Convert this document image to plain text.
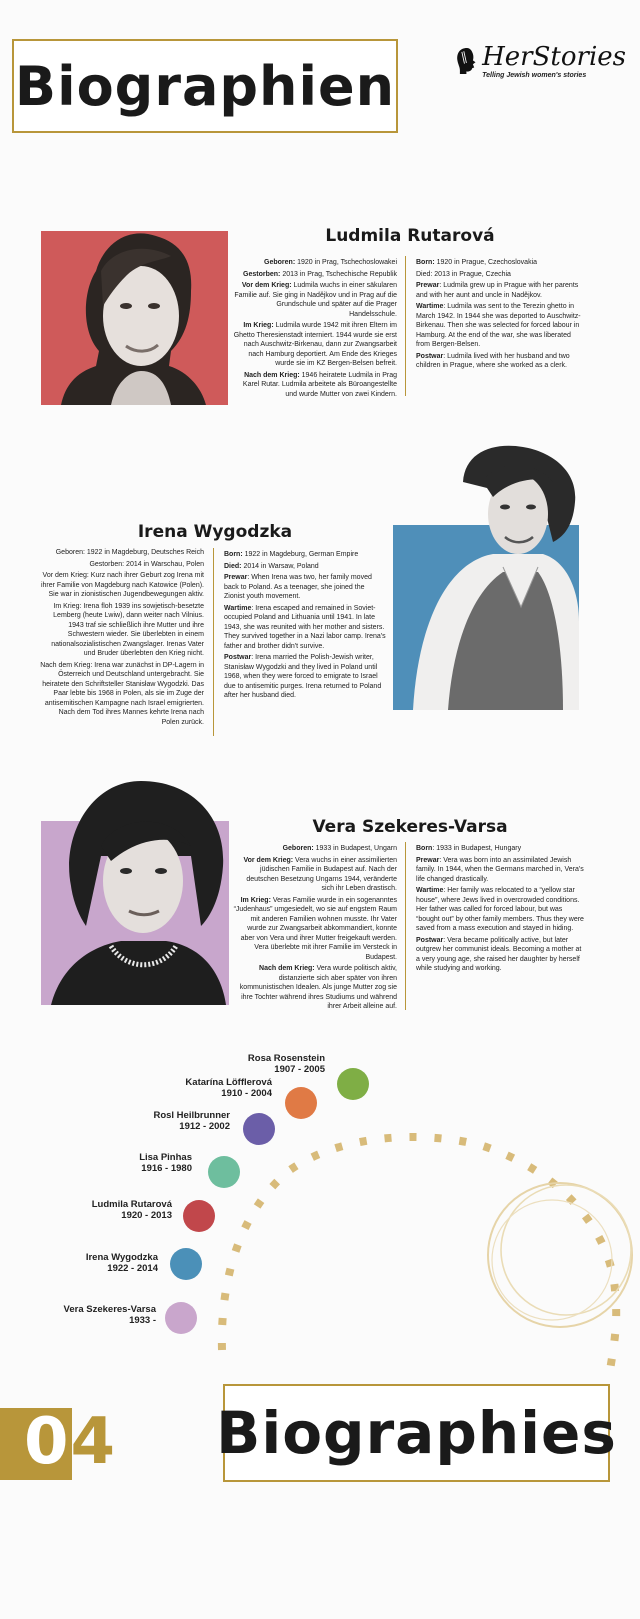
Biographien	HerStories
Telling Jewish women's stories
Ludmila Rutarová

Geboren: 1920 in Prag, Tschechoslowakei

Gestorben: 2013 in Prag, Tschechische Republik

Vor dem Krieg: Ludmila wuchs in einer säkularen Familie auf. Sie ging in Nadějkov und in Prag auf die Grundschule und später auf die Prager Handelsschule.

Im Krieg: Ludmila wurde 1942 mit ihren Eltern im Ghetto Theresienstadt interniert. 1944 wurde sie erst nach Auschwitz-Birkenau, dann zur Zwangsarbeit nach Hamburg deportiert. Am Ende des Krieges wurde sie im KZ Bergen-Belsen befreit.

Nach dem Krieg: 1946 heiratete Ludmila in Prag Karel Rutar. Ludmila arbeitete als Büroangestellte und wurde Mutter von zwei Kindern.

Born: 1920 in Prague, Czechoslovakia

Died: 2013 in Prague, Czechia

Prewar: Ludmila grew up in Prague with her parents and with her aunt and uncle in Nadějkov.

Wartime: Ludmila was sent to the Terezin ghetto in March 1942. In 1944 she was deported to Auschwitz-Birkenau. Then she was selected for forced labour in Hamburg. At the end of the war, she was liberated from Bergen-Belsen.

Postwar: Ludmila lived with her husband and two children in Prague, where she worked as a clerk.

Irena Wygodzka

Geboren: 1922 in Magdeburg, Deutsches Reich

Gestorben: 2014 in Warschau, Polen

Vor dem Krieg: Kurz nach ihrer Geburt zog Irena mit ihrer Familie von Magdeburg nach Katowice (Polen). Sie war in zionistischen Jugendbewegungen aktiv.

Im Krieg: Irena floh 1939 ins sowjetisch-besetzte Lemberg (heute Lwiw), dann weiter nach Vilnius. 1943 traf sie schließlich ihre Mutter und ihre Schwestern wieder. Sie überlebten in einem nationalsozialistischen Zwangslager. Irenas Vater und Bruder überlebten den Krieg nicht.

Nach dem Krieg: Irena war zunächst in DP-Lagern in Österreich und Deutschland untergebracht. Sie heiratete den Schriftsteller Stanisław Wygodzki. Das Paar lebte bis 1968 in Polen, als sie im Zuge der antisemitischen Kampagne nach Israel emigrierten. Nach dem Tod ihres Mannes kehrte Irena nach Polen zurück.

Born: 1922 in Magdeburg, German Empire

Died: 2014 in Warsaw, Poland

Prewar: When Irena was two, her family moved back to Poland. As a teenager, she joined the Zionist youth movement.

Wartime: Irena escaped and remained in Soviet-occupied Poland and Lithuania until 1941. In late 1943, she was reunited with her mother and sisters. They survived together in a Nazi labor camp. Irena's father and brother didn't survive.

Postwar: Irena married the Polish-Jewish writer, Stanisław Wygodzki and they lived in Poland until 1968, when they were forced to emigrate to Israel due to antisemitic purges. Irena returned to Poland after her husband died.

Vera Szekeres-Varsa

Geboren: 1933 in Budapest, Ungarn

Vor dem Krieg: Vera wuchs in einer assimilierten jüdischen Familie in Budapest auf. Nach der deutschen Besetzung Ungarns 1944, veränderte sich ihr Leben drastisch.

Im Krieg: Veras Familie wurde in ein sogenanntes “Judenhaus” umgesiedelt, wo sie auf engstem Raum mit anderen Familien wohnen musste. Ihr Vater wurde zur Zwangsarbeit abkommandiert, konnte aber von Vera und ihrer Mutter freigekauft werden. Vera überlebte mit ihrer Familie im Versteck in Budapest.

Nach dem Krieg: Vera wurde politisch aktiv, distanzierte sich aber später von ihren kommunistischen Idealen. Als junge Mutter zog sie ihre Tochter während ihres Studiums und während ihrer Arbeit alleine auf.

Born: 1933 in Budapest, Hungary

Prewar: Vera was born into an assimilated Jewish family. In 1944, when the Germans marched in, Vera's life changed drastically.

Wartime: Her family was relocated to a “yellow star house”, where Jews lived in overcrowded conditions. Her father was called for forced labour, but was “bought out” by other family members. Thus they were saved from a mass execution and stayed in hiding.

Postwar: Vera became politically active, but later outgrew her communist ideals. Becoming a mother at a very young age, she raised her daughter by herself while studying and working.

Rosa Rosenstein
1907 - 2005
Katarína Löfflerová
1910 - 2004
Rosl Heilbrunner
1912 - 2002
Lisa Pinhas
1916 - 1980
Ludmila Rutarová
1920 - 2013
Irena Wygodzka
1922 - 2014
Vera Szekeres-Varsa
1933 -
04 Biographies
